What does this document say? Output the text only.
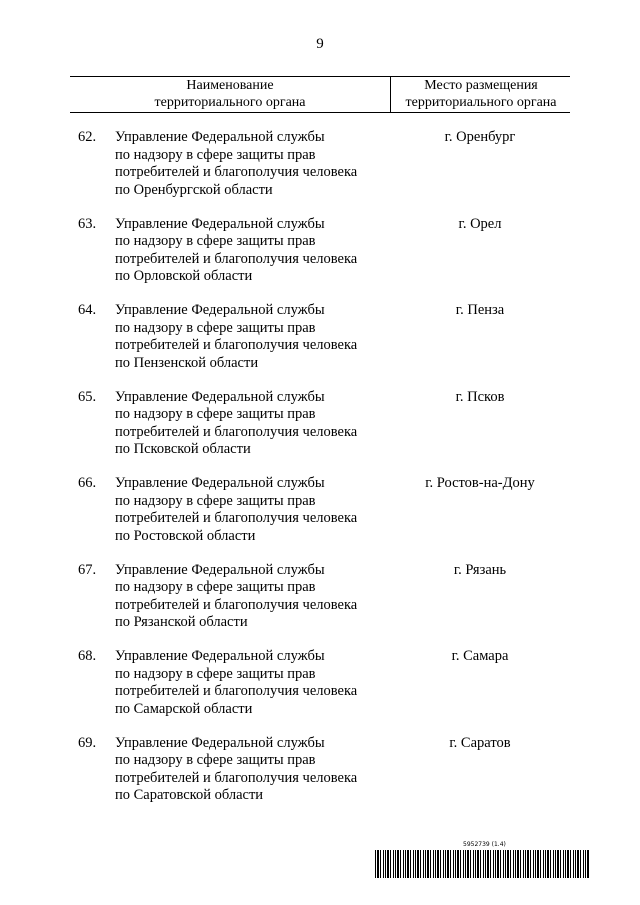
9
Наименование
территориального органа
Место размещения
территориального органа
62.	Управление Федеральной службы
по надзору в сфере защиты прав
потребителей и благополучия человека
по Оренбургской области
г. Оренбург
63.	Управление Федеральной службы
по надзору в сфере защиты прав
потребителей и благополучия человека
по Орловской области
г. Орел
64.	Управление Федеральной службы
по надзору в сфере защиты прав
потребителей и благополучия человека
по Пензенской области
г. Пенза
65.	Управление Федеральной службы
по надзору в сфере защиты прав
потребителей и благополучия человека
по Псковской области
г. Псков
66.	Управление Федеральной службы
по надзору в сфере защиты прав
потребителей и благополучия человека
по Ростовской области
г. Ростов-на-Дону
67.	Управление Федеральной службы
по надзору в сфере защиты прав
потребителей и благополучия человека
по Рязанской области
г. Рязань
68.	Управление Федеральной службы
по надзору в сфере защиты прав
потребителей и благополучия человека
по Самарской области
г. Самара
69.	Управление Федеральной службы
по надзору в сфере защиты прав
потребителей и благополучия человека
по Саратовской области
г. Саратов
5952739 (1.4)
